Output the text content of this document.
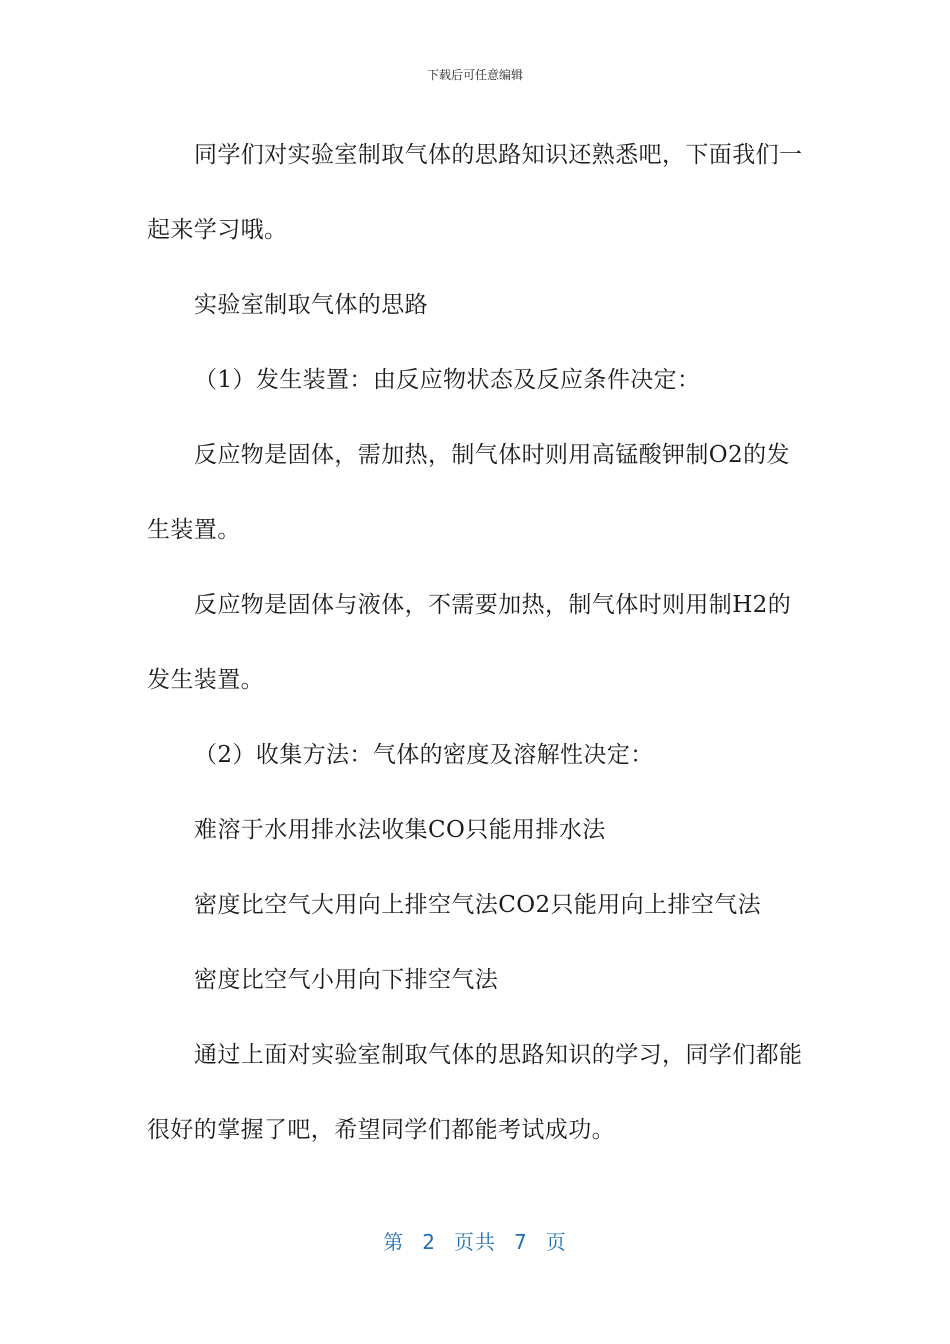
下载后可任意编辑

同学们对实验室制取气体的思路知识还熟悉吧，下面我们一起来学习哦。

实验室制取气体的思路

（1）发生装置：由反应物状态及反应条件决定：

反应物是固体，需加热，制气体时则用高锰酸钾制O2的发生装置。

反应物是固体与液体，不需要加热，制气体时则用制H2的发生装置。

（2）收集方法：气体的密度及溶解性决定：

难溶于水用排水法收集CO只能用排水法

密度比空气大用向上排空气法CO2只能用向上排空气法

密度比空气小用向下排空气法

通过上面对实验室制取气体的思路知识的学习，同学们都能很好的掌握了吧，希望同学们都能考试成功。

第 2 页共 7 页
